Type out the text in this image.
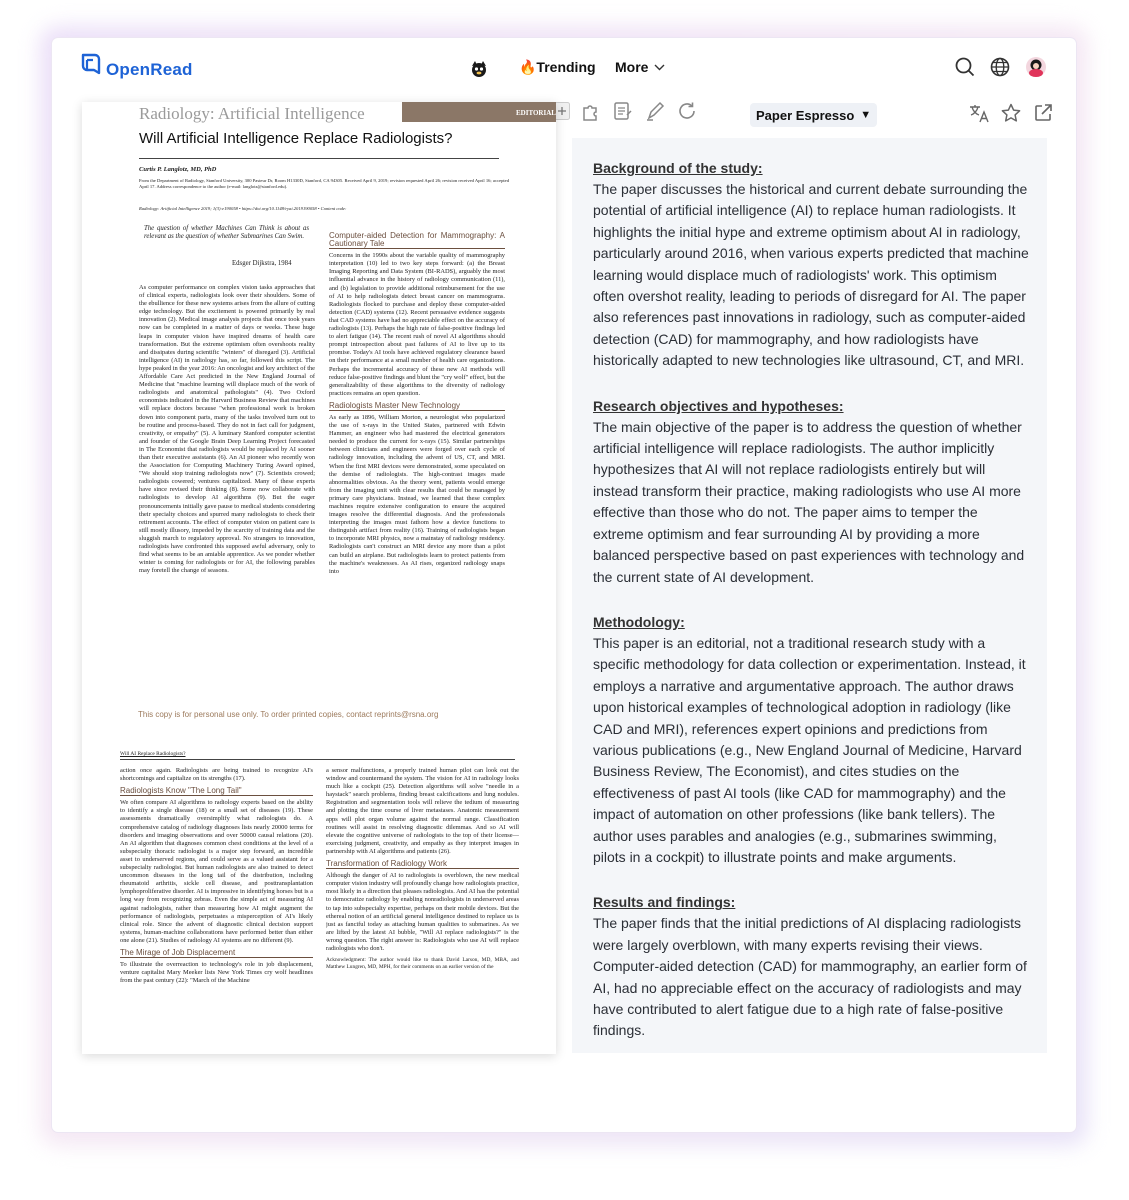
OpenRead	🔥Trending More
Paper Espresso ▼
Radiology: Artificial Intelligence	EDITORIAL
Will Artificial Intelligence Replace Radiologists?
Curtis P. Langlotz, MD, PhD
From the Department of Radiology, Stanford University, 300 Pasteur Dr, Room H1330D, Stanford, CA 94305. Received April 9, 2019; revision requested April 26; revision received April 16; accepted April 17. Address correspondence to the author (e-mail: langlotz@stanford.edu).
Radiology: Artificial Intelligence 2019; 1(3):e190058 • https://doi.org/10.1148/ryai.2019190058 • Content code:
The question of whether Machines Can Think is about as relevant as the question of whether Submarines Can Swim.
Edsger Dijkstra, 1984
As computer performance on complex vision tasks approaches that of clinical experts, radiologists look over their shoulders. Some of the ebullience for these new systems arises from the allure of cutting edge technology. But the excitement is powered primarily by real innovation (2). Medical image analysis projects that once took years now can be completed in a matter of days or weeks. These huge leaps in computer vision have inspired dreams of health care transformation. But the extreme optimism often overshoots reality and dissipates during scientific "winters" of disregard (3). Artificial intelligence (AI) in radiology has, so far, followed this script. The hype peaked in the year 2016: An oncologist and key architect of the Affordable Care Act predicted in the New England Journal of Medicine that "machine learning will displace much of the work of radiologists and anatomical pathologists" (4). Two Oxford economists indicated in the Harvard Business Review that machines will replace doctors because "when professional work is broken down into component parts, many of the tasks involved turn out to be routine and process-based. They do not in fact call for judgment, creativity, or empathy" (5). A luminary Stanford computer scientist and founder of the Google Brain Deep Learning Project forecasted in The Economist that radiologists would be replaced by AI sooner than their executive assistants (6). An AI pioneer who recently won the Association for Computing Machinery Turing Award opined, "We should stop training radiologists now" (7). Scientists crowed; radiologists cowered; ventures capitalized. Many of these experts have since revised their thinking (8). Some now collaborate with radiologists to develop AI algorithms (9). But the eager pronouncements initially gave pause to medical students considering their specialty choices and spurred many radiologists to check their retirement accounts. The effect of computer vision on patient care is still mostly illusory, impeded by the scarcity of training data and the sluggish march to regulatory approval. No strangers to innovation, radiologists have confronted this supposed awful adversary, only to find what seems to be an amiable apprentice. As we ponder whether winter is coming for radiologists or for AI, the following parables may foretell the change of seasons.
Computer-aided Detection for Mammography: A Cautionary Tale
Concerns in the 1990s about the variable quality of mammography interpretation (10) led to two key steps forward: (a) the Breast Imaging Reporting and Data System (BI-RADS), arguably the most influential advance in the history of radiology communication (11), and (b) legislation to provide additional reimbursement for the use of AI to help radiologists detect breast cancer on mammograms. Radiologists flocked to purchase and deploy these computer-aided detection (CAD) systems (12). Recent persuasive evidence suggests that CAD systems have had no appreciable effect on the accuracy of radiologists (13). Perhaps the high rate of false-positive findings led to alert fatigue (14). The recent rush of novel AI algorithms should prompt introspection about past failures of AI to live up to its promise. Today's AI tools have achieved regulatory clearance based on their performance at a small number of health care organizations. Perhaps the incremental accuracy of these new AI methods will reduce false-positive findings and blunt the "cry wolf" effect, but the generalizability of these algorithms to the diversity of radiology practices remains an open question.
Radiologists Master New Technology
As early as 1896, William Morton, a neurologist who popularized the use of x-rays in the United States, partnered with Edwin Hammer, an engineer who had mastered the electrical generators needed to produce the current for x-rays (15). Similar partnerships between clinicians and engineers were forged over each cycle of radiology innovation, including the advent of US, CT, and MRI. When the first MRI devices were demonstrated, some speculated on the demise of radiologists. The high-contrast images made abnormalities obvious. As the theory went, patients would emerge from the imaging unit with clear results that could be managed by primary care physicians. Instead, we learned that these complex machines require extensive configuration to ensure the acquired images resolve the differential diagnosis. And the professionals interpreting the images must fathom how a device functions to distinguish artifact from reality (16). Training of radiologists began to incorporate MRI physics, now a mainstay of radiology residency. Radiologists can't construct an MRI device any more than a pilot can build an airplane. But radiologists learn to protect patients from the machine's weaknesses. As AI rises, organized radiology snaps into
This copy is for personal use only. To order printed copies, contact reprints@rsna.org
Will AI Replace Radiologists?
action once again. Radiologists are being trained to recognize AI's shortcomings and capitalize on its strengths (17).
Radiologists Know "The Long Tail"
We often compare AI algorithms to radiology experts based on the ability to identify a single disease (18) or a small set of diseases (19). These assessments dramatically oversimplify what radiologists do. A comprehensive catalog of radiology diagnoses lists nearly 20000 terms for disorders and imaging observations and over 50000 causal relations (20). An AI algorithm that diagnoses common chest conditions at the level of a subspecialty thoracic radiologist is a major step forward, an incredible asset to underserved regions, and could serve as a valued assistant for a subspecialty radiologist. But human radiologists are also trained to detect uncommon diseases in the long tail of the distribution, including rheumatoid arthritis, sickle cell disease, and posttransplantation lymphoproliferative disorder. AI is impressive in identifying horses but is a long way from recognizing zebras. Even the simple act of measuring AI against radiologists, rather than measuring how AI might augment the performance of radiologists, perpetuates a misperception of AI's likely clinical role. Since the advent of diagnostic clinical decision support systems, human-machine collaborations have performed better than either one alone (21). Studies of radiology AI systems are no different (9).
The Mirage of Job Displacement
To illustrate the overreaction to technology's role in job displacement, venture capitalist Mary Meeker lists New York Times cry wolf headlines from the past century (22): "March of the Machine
a sensor malfunctions, a properly trained human pilot can look out the window and countermand the system. The vision for AI in radiology looks much like a cockpit (25). Detection algorithms will solve "needle in a haystack" search problems, finding breast calcifications and lung nodules. Registration and segmentation tools will relieve the tedium of measuring and plotting the time course of liver metastases. Anatomic measurement apps will plot organ volume against the normal range. Classification routines will assist in resolving diagnostic dilemmas. And so AI will elevate the cognitive universe of radiologists to the top of their license—exercising judgment, creativity, and empathy as they interpret images in partnership with AI algorithms and patients (26).
Transformation of Radiology Work
Although the danger of AI to radiologists is overblown, the new medical computer vision industry will profoundly change how radiologists practice, most likely in a direction that pleases radiologists. And AI has the potential to democratize radiology by enabling nonradiologists in underserved areas to tap into subspecialty expertise, perhaps on their mobile devices. But the ethereal notion of an artificial general intelligence destined to replace us is just as fanciful today as attaching human qualities to submarines. As we are lifted by the latest AI bubble, "Will AI replace radiologists?" is the wrong question. The right answer is: Radiologists who use AI will replace radiologists who don't.
Acknowledgment: The author would like to thank David Larson, MD, MBA, and Matthew Lungren, MD, MPH, for their comments on an earlier version of the
Background of the study:
The paper discusses the historical and current debate surrounding the potential of artificial intelligence (AI) to replace human radiologists. It highlights the initial hype and extreme optimism about AI in radiology, particularly around 2016, when various experts predicted that machine learning would displace much of radiologists' work. This optimism often overshot reality, leading to periods of disregard for AI. The paper also references past innovations in radiology, such as computer-aided detection (CAD) for mammography, and how radiologists have historically adapted to new technologies like ultrasound, CT, and MRI.
Research objectives and hypotheses:
The main objective of the paper is to address the question of whether artificial intelligence will replace radiologists. The author implicitly hypothesizes that AI will not replace radiologists entirely but will instead transform their practice, making radiologists who use AI more effective than those who do not. The paper aims to temper the extreme optimism and fear surrounding AI by providing a more balanced perspective based on past experiences with technology and the current state of AI development.
Methodology:
This paper is an editorial, not a traditional research study with a specific methodology for data collection or experimentation. Instead, it employs a narrative and argumentative approach. The author draws upon historical examples of technological adoption in radiology (like CAD and MRI), references expert opinions and predictions from various publications (e.g., New England Journal of Medicine, Harvard Business Review, The Economist), and cites studies on the effectiveness of past AI tools (like CAD for mammography) and the impact of automation on other professions (like bank tellers). The author uses parables and analogies (e.g., submarines swimming, pilots in a cockpit) to illustrate points and make arguments.
Results and findings:
The paper finds that the initial predictions of AI displacing radiologists were largely overblown, with many experts revising their views. Computer-aided detection (CAD) for mammography, an earlier form of AI, had no appreciable effect on the accuracy of radiologists and may have contributed to alert fatigue due to a high rate of false-positive findings.
